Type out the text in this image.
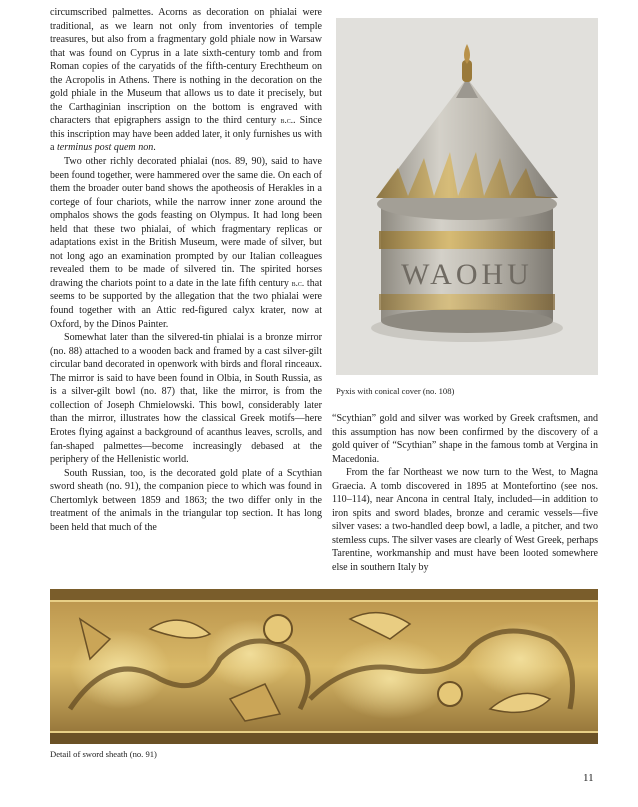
circumscribed palmettes. Acorns as decoration on phialai were traditional, as we learn not only from inventories of temple treasures, but also from a fragmentary gold phiale now in Warsaw that was found on Cyprus in a late sixth-century tomb and from Roman copies of the caryatids of the fifth-century Erechtheum on the Acropolis in Athens. There is nothing in the decoration on the gold phiale in the Museum that allows us to date it precisely, but the Carthaginian inscription on the bottom is engraved with characters that epigraphers assign to the third century b.c.. Since this inscription may have been added later, it only furnishes us with a terminus post quem non.

Two other richly decorated phialai (nos. 89, 90), said to have been found together, were hammered over the same die. On each of them the broader outer band shows the apotheosis of Herakles in a cortege of four chariots, while the narrow inner zone around the omphalos shows the gods feasting on Olympus. It had long been held that these two phialai, of which fragmentary replicas or adaptations exist in the British Museum, were made of silver, but not long ago an examination prompted by our Italian colleagues revealed them to be made of silvered tin. The spirited horses drawing the chariots point to a date in the late fifth century b.c. that seems to be supported by the allegation that the two phialai were found together with an Attic red-figured calyx krater, now at Oxford, by the Dinos Painter.

Somewhat later than the silvered-tin phialai is a bronze mirror (no. 88) attached to a wooden back and framed by a cast silver-gilt circular band decorated in openwork with birds and floral rinceaux. The mirror is said to have been found in Olbia, in South Russia, as is a silver-gilt bowl (no. 87) that, like the mirror, is from the collection of Joseph Chmielowski. This bowl, considerably later than the mirror, illustrates how the classical Greek motifs—here Erotes flying against a background of acanthus leaves, scrolls, and fan-shaped palmettes—become increasingly debased at the periphery of the Hellenistic world.

South Russian, too, is the decorated gold plate of a Scythian sword sheath (no. 91), the companion piece to which was found in Chertomlyk between 1859 and 1863; the two differ only in the treatment of the animals in the triangular top section. It has long been held that much of the

WAOHU
Pyxis with conical cover (no. 108)

“Scythian” gold and silver was worked by Greek craftsmen, and this assumption has now been confirmed by the discovery of a gold quiver of “Scythian” shape in the famous tomb at Vergina in Macedonia.

From the far Northeast we now turn to the West, to Magna Graecia. A tomb discovered in 1895 at Montefortino (see nos. 110–114), near Ancona in central Italy, included—in addition to iron spits and sword blades, bronze and ceramic vessels—five silver vases: a two-handled deep bowl, a ladle, a pitcher, and two stemless cups. The silver vases are clearly of West Greek, perhaps Tarentine, workmanship and must have been looted somewhere else in southern Italy by

Detail of sword sheath (no. 91)
11
